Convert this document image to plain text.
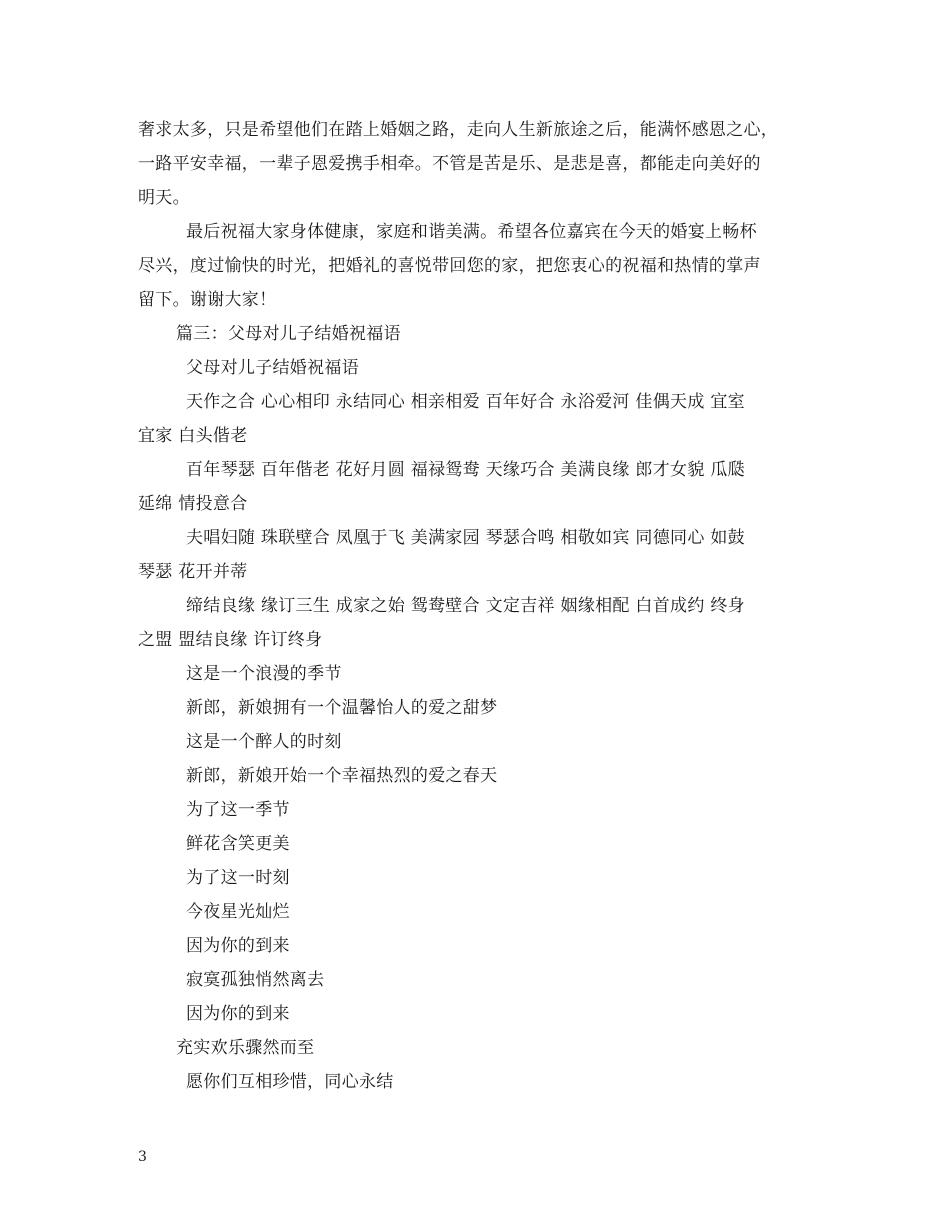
奢求太多，只是希望他们在踏上婚姻之路，走向人生新旅途之后，能满怀感恩之心，

一路平安幸福，一辈子恩爱携手相牵。不管是苦是乐、是悲是喜，都能走向美好的

明天。

最后祝福大家身体健康，家庭和谐美满。希望各位嘉宾在今天的婚宴上畅杯

尽兴，度过愉快的时光，把婚礼的喜悦带回您的家，把您衷心的祝福和热情的掌声

留下。谢谢大家！

篇三：父母对儿子结婚祝福语

父母对儿子结婚祝福语

天作之合 心心相印 永结同心 相亲相爱 百年好合 永浴爱河 佳偶天成 宜室

宜家 白头偕老

百年琴瑟 百年偕老 花好月圆 福禄鸳鸯 天缘巧合 美满良缘 郎才女貌 瓜瓞

延绵 情投意合

夫唱妇随 珠联壁合 凤凰于飞 美满家园 琴瑟合鸣 相敬如宾 同德同心 如鼓

琴瑟 花开并蒂

缔结良缘 缘订三生 成家之始 鸳鸯壁合 文定吉祥 姻缘相配 白首成约 终身

之盟 盟结良缘 许订终身

这是一个浪漫的季节

新郎，新娘拥有一个温馨怡人的爱之甜梦

这是一个醉人的时刻

新郎，新娘开始一个幸福热烈的爱之春天

为了这一季节

鲜花含笑更美

为了这一时刻

今夜星光灿烂

因为你的到来

寂寞孤独悄然离去

因为你的到来

充实欢乐骤然而至

愿你们互相珍惜，同心永结

3
